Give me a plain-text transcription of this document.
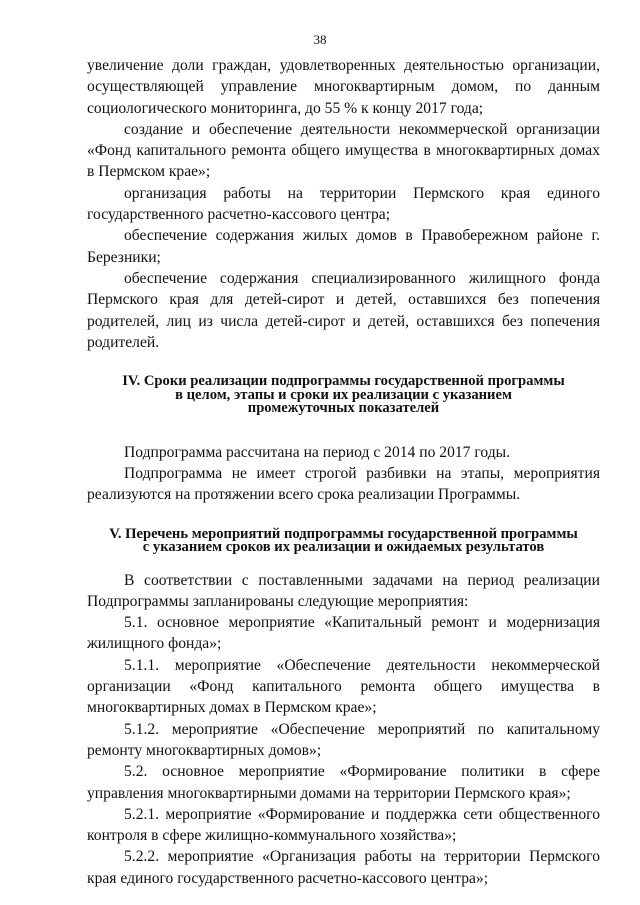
38

увеличение доли граждан, удовлетворенных деятельностью организации, осуществляющей управление многоквартирным домом, по данным социологического мониторинга, до 55 % к концу 2017 года;

создание и обеспечение деятельности некоммерческой организации «Фонд капитального ремонта общего имущества в многоквартирных домах в Пермском крае»;

организация работы на территории Пермского края единого государственного расчетно-кассового центра;

обеспечение содержания жилых домов в Правобережном районе г. Березники;

обеспечение содержания специализированного жилищного фонда Пермского края для детей-сирот и детей, оставшихся без попечения родителей, лиц из числа детей-сирот и детей, оставшихся без попечения родителей.

IV. Сроки реализации подпрограммы государственной программы
в целом, этапы и сроки их реализации с указанием
промежуточных показателей

Подпрограмма рассчитана на период с 2014 по 2017 годы.

Подпрограмма не имеет строгой разбивки на этапы, мероприятия реализуются на протяжении всего срока реализации Программы.

V. Перечень мероприятий подпрограммы государственной программы
с указанием сроков их реализации и ожидаемых результатов

В соответствии с поставленными задачами на период реализации Подпрограммы запланированы следующие мероприятия:

5.1. основное мероприятие «Капитальный ремонт и модернизация жилищного фонда»;

5.1.1. мероприятие «Обеспечение деятельности некоммерческой организации «Фонд капитального ремонта общего имущества в многоквартирных домах в Пермском крае»;

5.1.2. мероприятие «Обеспечение мероприятий по капитальному ремонту многоквартирных домов»;

5.2. основное мероприятие «Формирование политики в сфере управления многоквартирными домами на территории Пермского края»;

5.2.1. мероприятие «Формирование и поддержка сети общественного контроля в сфере жилищно-коммунального хозяйства»;

5.2.2. мероприятие «Организация работы на территории Пермского края единого государственного расчетно-кассового центра»;
